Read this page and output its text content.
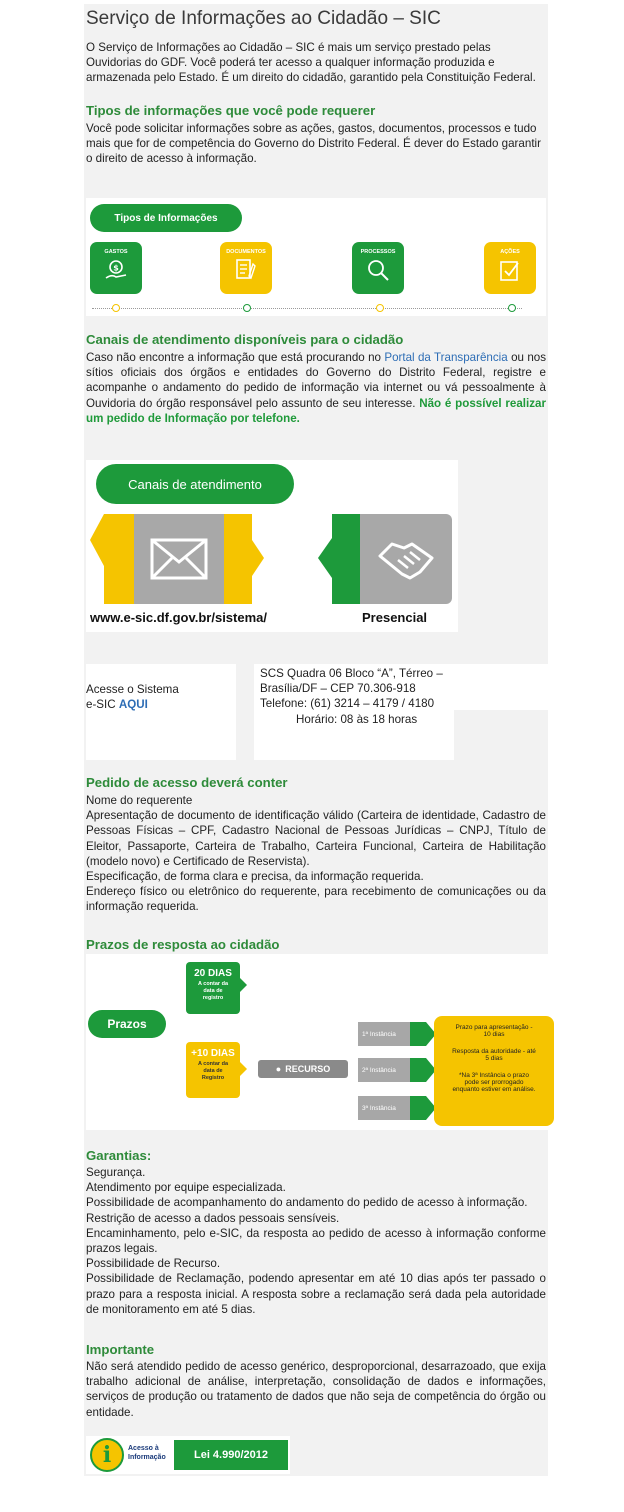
Serviço de Informações ao Cidadão – SIC

O Serviço de Informações ao Cidadão – SIC é mais um serviço prestado pelas Ouvidorias do GDF. Você poderá ter acesso a qualquer informação produzida e armazenada pelo Estado. É um direito do cidadão, garantido pela Constituição Federal.

Tipos de informações que você pode requerer

Você pode solicitar informações sobre as ações, gastos, documentos, processos e tudo mais que for de competência do Governo do Distrito Federal. É dever do Estado garantir o direito de acesso à informação.

Tipos de Informações
GASTOS
$
DOCUMENTOS	PROCESSOS	AÇÕES

Canais de atendimento disponíveis para o cidadão

Caso não encontre a informação que está procurando no Portal da Transparência ou nos sítios oficiais dos órgãos e entidades do Governo do Distrito Federal, registre e acompanhe o andamento do pedido de informação via internet ou vá pessoalmente à Ouvidoria do órgão responsável pelo assunto de seu interesse. Não é possível realizar um pedido de Informação por telefone.

Canais de atendimento
www.e-sic.df.gov.br/sistema/	Presencial

Acesse o Sistema
e-SIC AQUI

SCS Quadra 06 Bloco “A”, Térreo –
Brasília/DF – CEP 70.306-918
Telefone: (61) 3214 – 4179 / 4180
Horário: 08 às 18 horas

Pedido de acesso deverá conter

Nome do requerente
Apresentação de documento de identificação válido (Carteira de identidade, Cadastro de Pessoas Físicas – CPF, Cadastro Nacional de Pessoas Jurídicas – CNPJ, Título de Eleitor, Passaporte, Carteira de Trabalho, Carteira Funcional, Carteira de Habilitação (modelo novo) e Certificado de Reservista).
Especificação, de forma clara e precisa, da informação requerida.
Endereço físico ou eletrônico do requerente, para recebimento de comunicações ou da informação requerida.

Prazos de resposta ao cidadão

Prazos
20 DIAS
A contar da data de registro
+10 DIAS
A contar da data de Registro
● RECURSO
1ª Instância
2ª Instância
3ª Instância
Prazo para apresentação - 10 dias
Resposta da autoridade - até 5 dias
*Na 3ª Instância o prazo pode ser prorrogado enquanto estiver em análise.

Garantias:

Segurança.
Atendimento por equipe especializada.
Possibilidade de acompanhamento do andamento do pedido de acesso à informação.
Restrição de acesso a dados pessoais sensíveis.
Encaminhamento, pelo e-SIC, da resposta ao pedido de acesso à informação conforme prazos legais.
Possibilidade de Recurso.
Possibilidade de Reclamação, podendo apresentar em até 10 dias após ter passado o prazo para a resposta inicial. A resposta sobre a reclamação será dada pela autoridade de monitoramento em até 5 dias.

Importante

Não será atendido pedido de acesso genérico, desproporcional, desarrazoado, que exija trabalho adicional de análise, interpretação, consolidação de dados e informações, serviços de produção ou tratamento de dados que não seja de competência do órgão ou entidade.

i	Acesso à
Informação	Lei 4.990/2012
